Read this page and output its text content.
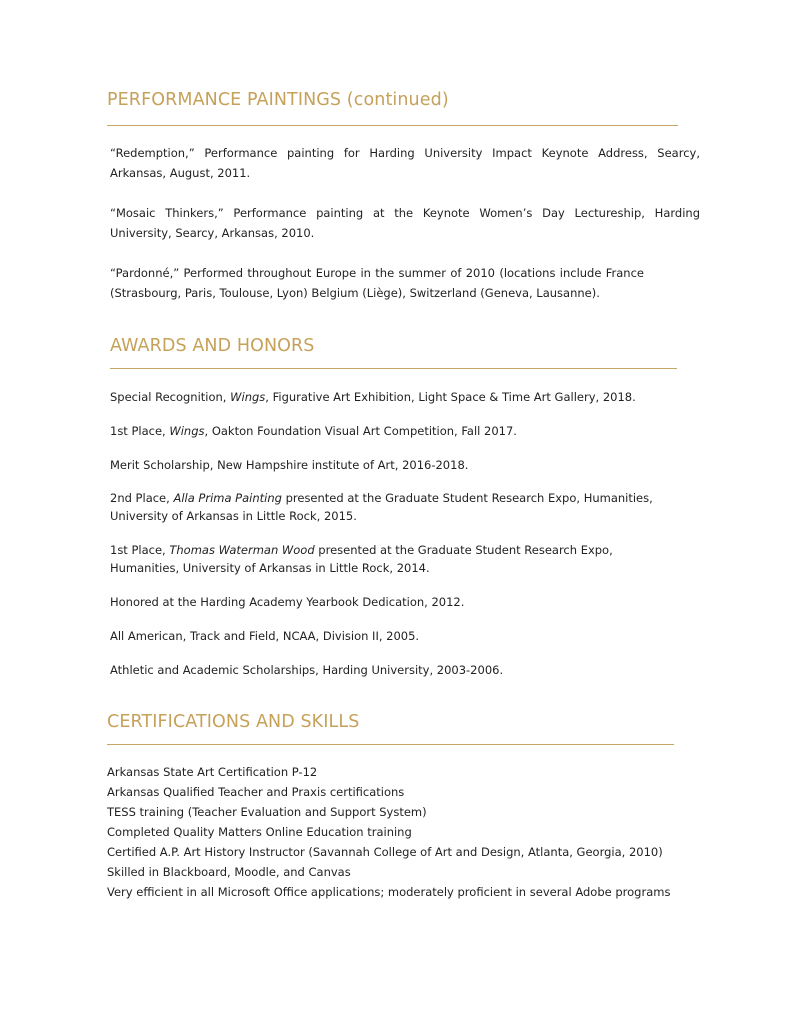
PERFORMANCE PAINTINGS (continued)
“Redemption,” Performance painting for Harding University Impact Keynote Address, Searcy, Arkansas, August, 2011.
“Mosaic Thinkers,” Performance painting at the Keynote Women’s Day Lectureship, Harding University, Searcy, Arkansas, 2010.
“Pardonné,” Performed throughout Europe in the summer of 2010 (locations include France (Strasbourg, Paris, Toulouse, Lyon) Belgium (Liège), Switzerland (Geneva, Lausanne).
AWARDS AND HONORS
Special Recognition, Wings, Figurative Art Exhibition, Light Space & Time Art Gallery, 2018.
1st Place, Wings, Oakton Foundation Visual Art Competition, Fall 2017.
Merit Scholarship, New Hampshire institute of Art, 2016-2018.
2nd Place, Alla Prima Painting presented at the Graduate Student Research Expo, Humanities, University of Arkansas in Little Rock, 2015.
1st Place, Thomas Waterman Wood presented at the Graduate Student Research Expo, Humanities, University of Arkansas in Little Rock, 2014.
Honored at the Harding Academy Yearbook Dedication, 2012.
All American, Track and Field, NCAA, Division II, 2005.
Athletic and Academic Scholarships, Harding University, 2003-2006.
CERTIFICATIONS AND SKILLS
Arkansas State Art Certification P-12
Arkansas Qualified Teacher and Praxis certifications
TESS training (Teacher Evaluation and Support System)
Completed Quality Matters Online Education training
Certified A.P. Art History Instructor (Savannah College of Art and Design, Atlanta, Georgia, 2010)
Skilled in Blackboard, Moodle, and Canvas
Very efficient in all Microsoft Office applications; moderately proficient in several Adobe programs
